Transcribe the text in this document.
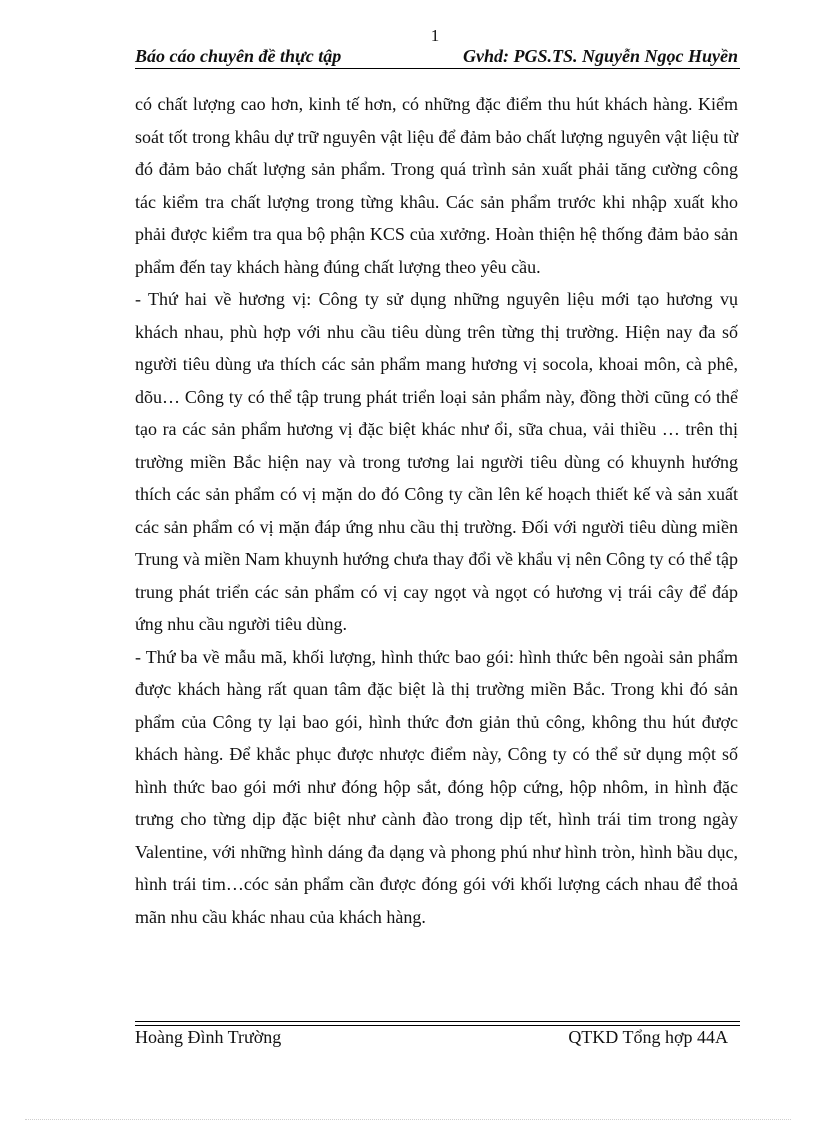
1
Báo cáo chuyên đề thực tập	Gvhd: PGS.TS. Nguyễn Ngọc Huyền

có chất lượng cao hơn, kinh tế hơn, có những đặc điểm thu hút khách hàng. Kiểm soát tốt trong khâu dự trữ nguyên vật liệu để đảm bảo chất lượng nguyên vật liệu từ đó đảm bảo chất lượng sản phẩm. Trong quá trình sản xuất phải tăng cường công tác kiểm tra chất lượng trong từng khâu. Các sản phẩm trước khi nhập xuất kho phải được kiểm tra qua bộ phận KCS của xưởng. Hoàn thiện hệ thống đảm bảo sản phẩm đến tay khách hàng đúng chất lượng theo yêu cầu.

- Thứ hai về hương vị: Công ty sử dụng những nguyên liệu mới tạo hương vụ khách nhau, phù hợp với nhu cầu tiêu dùng trên từng thị trường. Hiện nay đa số người tiêu dùng ưa thích các sản phẩm mang hương vị socola, khoai môn, cà phê, dõu… Công ty có thể tập trung phát triển loại sản phẩm này, đồng thời cũng có thể tạo ra các sản phẩm hương vị đặc biệt khác như ổi, sữa chua, vải thiều … trên thị trường miền Bắc hiện nay và trong tương lai người tiêu dùng có khuynh hướng thích các sản phẩm có vị mặn do đó Công ty cần lên kế hoạch thiết kế và sản xuất các sản phẩm có vị mặn đáp ứng nhu cầu thị trường. Đối với người tiêu dùng miền Trung và miền Nam khuynh hướng chưa thay đổi về khẩu vị nên Công ty có thể tập trung phát triển các sản phẩm có vị cay ngọt và ngọt có hương vị trái cây để đáp ứng nhu cầu người tiêu dùng.

- Thứ ba về mẫu mã, khối lượng, hình thức bao gói: hình thức bên ngoài sản phẩm được khách hàng rất quan tâm đặc biệt là thị trường miền Bắc. Trong khi đó sản phẩm của Công ty lại bao gói, hình thức đơn giản thủ công, không thu hút được khách hàng. Để khắc phục được nhược điểm này, Công ty có thể sử dụng một số hình thức bao gói mới như đóng hộp sắt, đóng hộp cứng, hộp nhôm, in hình đặc trưng cho từng dịp đặc biệt như cành đào trong dịp tết, hình trái tim trong ngày Valentine, với những hình dáng đa dạng và phong phú như hình tròn, hình bầu dục, hình trái tim…cóc sản phẩm cần được đóng gói với khối lượng cách nhau để thoả mãn nhu cầu khác nhau của khách hàng.

Hoàng Đình Trường	QTKD Tổng hợp 44A
